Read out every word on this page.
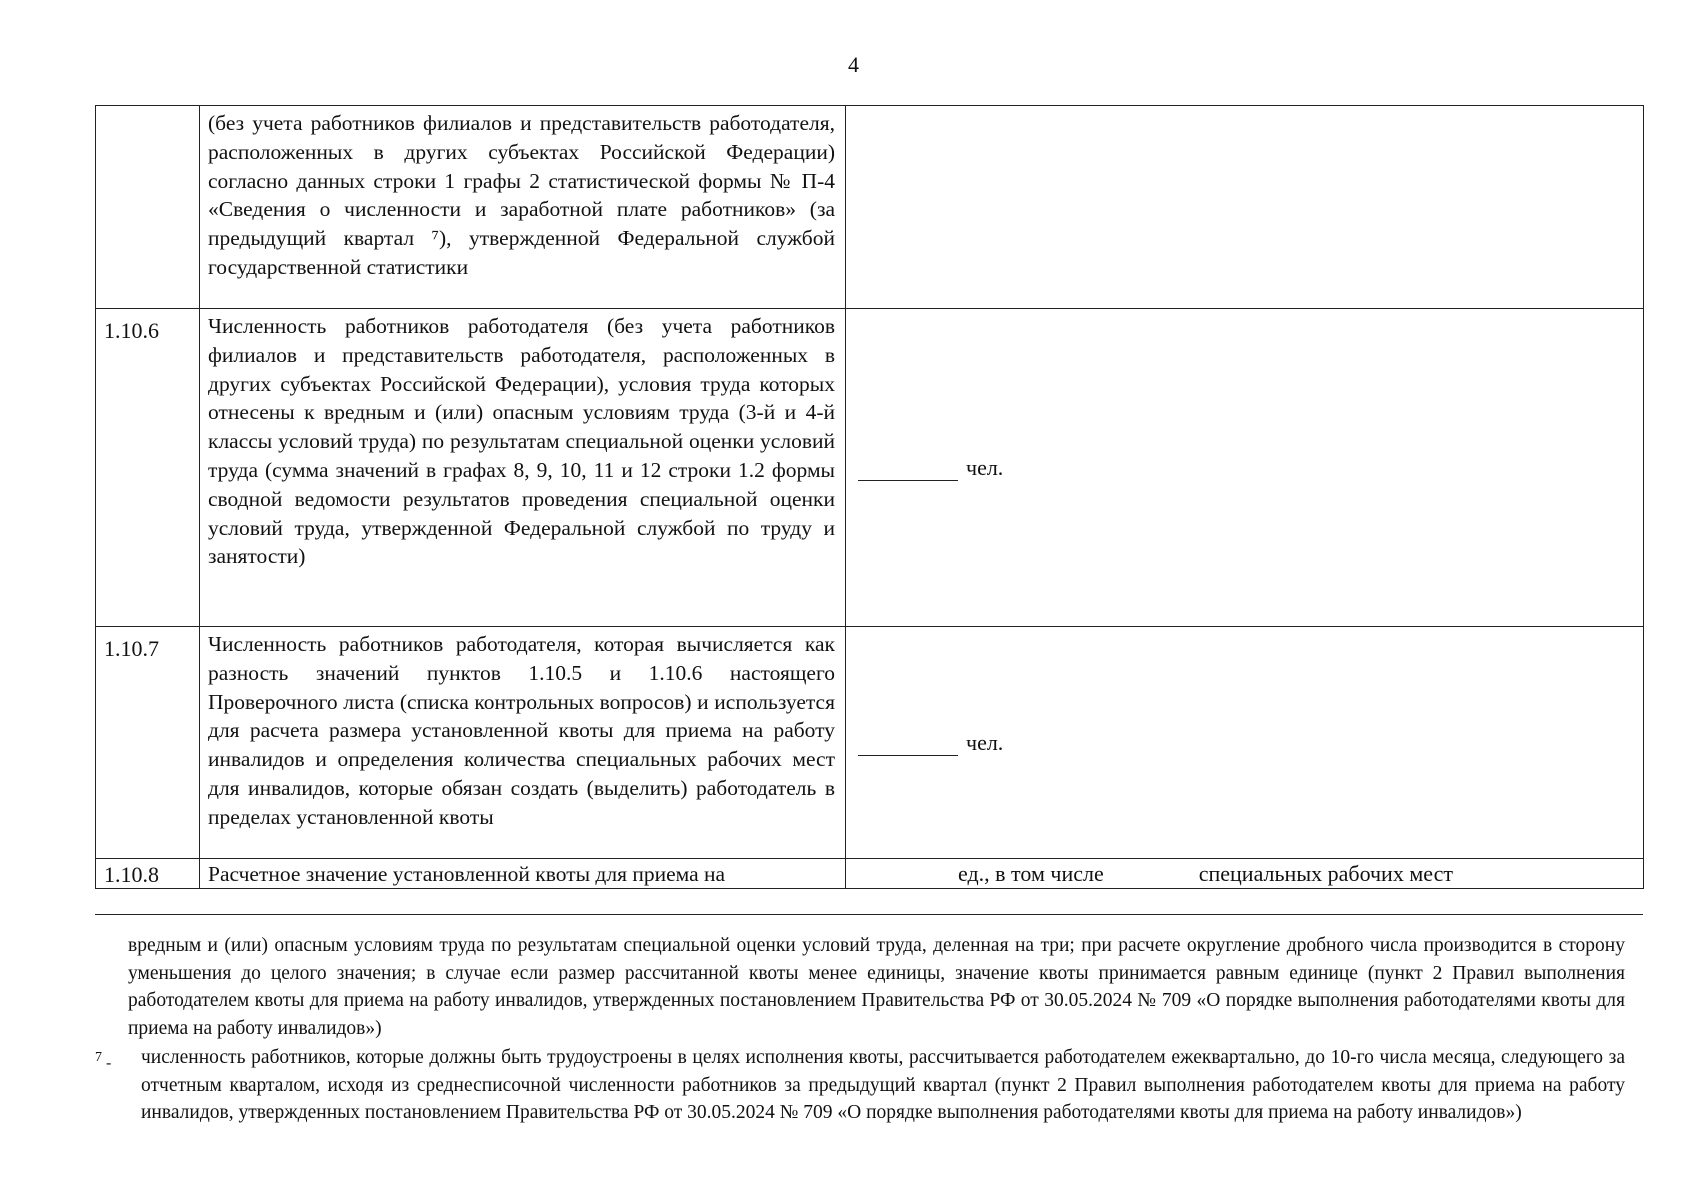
4

	(без учета работников филиалов и представительств работодателя, расположенных в других субъектах Российской Федерации) согласно данных строки 1 графы 2 статистической формы № П-4 «Сведения о численности и заработной плате работников» (за предыдущий квартал ⁷), утвержденной Федеральной службой государственной статистики	

1.10.6	Численность работников работодателя (без учета работников филиалов и представительств работодателя, расположенных в других субъектах Российской Федерации), условия труда которых отнесены к вредным и (или) опасным условиям труда (3-й и 4-й классы условий труда) по результатам специальной оценки условий труда (сумма значений в графах 8, 9, 10, 11 и 12 строки 1.2 формы сводной ведомости результатов проведения специальной оценки условий труда, утвержденной Федеральной службой по труду и занятости)	чел.
1.10.7	Численность работников работодателя, которая вычисляется как разность значений пунктов 1.10.5 и 1.10.6 настоящего Проверочного листа (списка контрольных вопросов) и используется для расчета размера установленной квоты для приема на работу инвалидов и определения количества специальных рабочих мест для инвалидов, которые обязан создать (выделить) работодатель в пределах установленной квоты	чел.
1.10.8	Расчетное значение установленной квоты для приема на	ед., в том числе специальных рабочих мест

вредным и (или) опасным условиям труда по результатам специальной оценки условий труда, деленная на три; при расчете округление дробного числа производится в сторону уменьшения до целого значения; в случае если размер рассчитанной квоты менее единицы, значение квоты принимается равным единице (пункт 2 Правил выполнения работодателем квоты для приема на работу инвалидов, утвержденных постановлением Правительства РФ от 30.05.2024 № 709 «О порядке выполнения работодателями квоты для приема на работу инвалидов»)

$^7$ -	численность работников, которые должны быть трудоустроены в целях исполнения квоты, рассчитывается работодателем ежеквартально, до 10-го числа месяца, следующего за отчетным кварталом, исходя из среднесписочной численности работников за предыдущий квартал (пункт 2 Правил выполнения работодателем квоты для приема на работу инвалидов, утвержденных постановлением Правительства РФ от 30.05.2024 № 709 «О порядке выполнения работодателями квоты для приема на работу инвалидов»)
